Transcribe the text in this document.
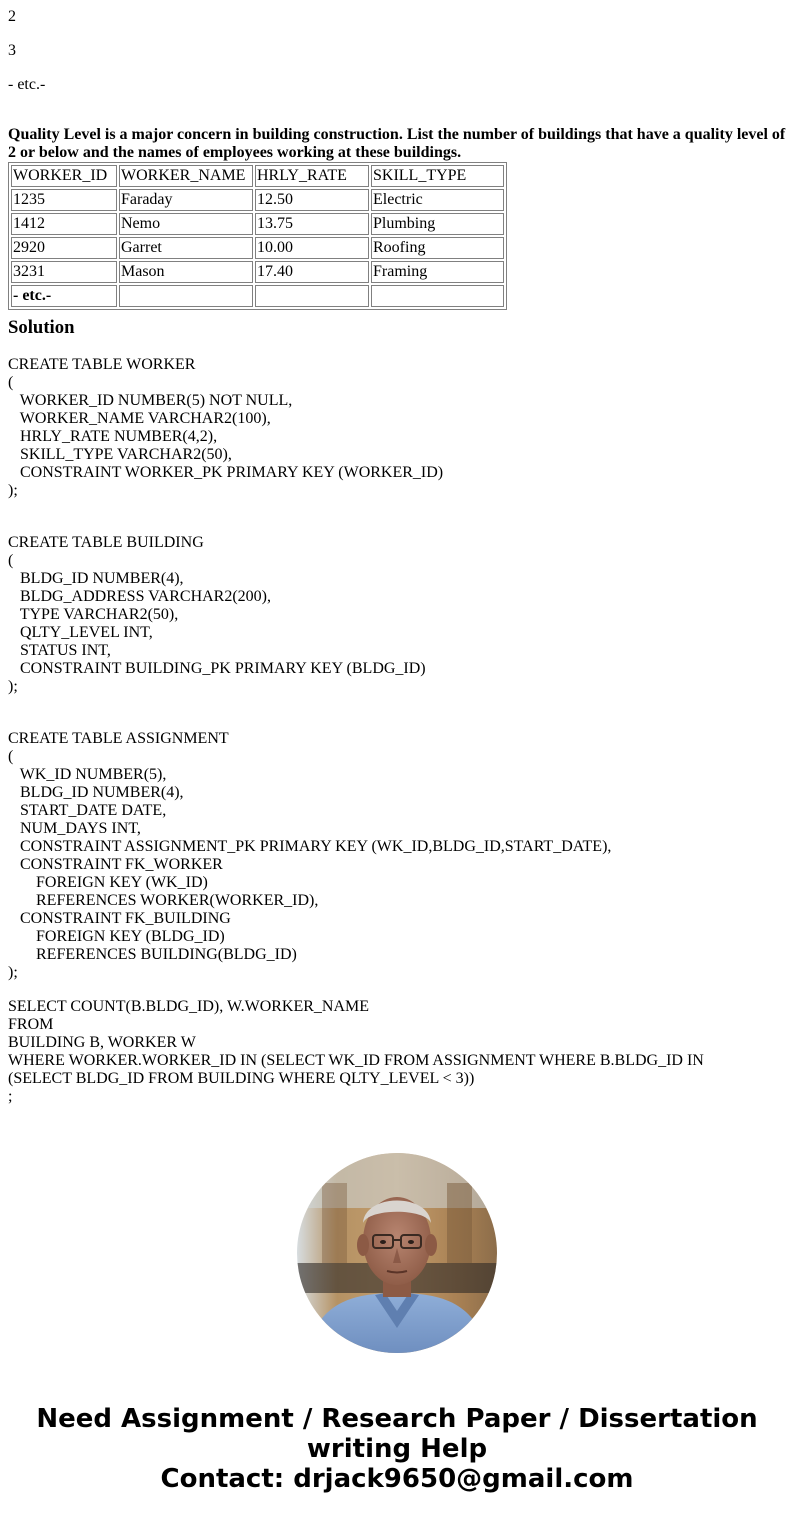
2
3
- etc.-

Quality Level is a major concern in building construction. List the number of buildings that have a quality level of 2 or below and the names of employees working at these buildings.

WORKER_ID	WORKER_NAME	HRLY_RATE	SKILL_TYPE
1235	Faraday	12.50	Electric
1412	Nemo	13.75	Plumbing
2920	Garret	10.00	Roofing
3231	Mason	17.40	Framing
- etc.-			
Solution
CREATE TABLE WORKER
(
WORKER_ID NUMBER(5) NOT NULL,
WORKER_NAME VARCHAR2(100),
HRLY_RATE NUMBER(4,2),
SKILL_TYPE VARCHAR2(50),
CONSTRAINT WORKER_PK PRIMARY KEY (WORKER_ID)
);
CREATE TABLE BUILDING
(
BLDG_ID NUMBER(4),
BLDG_ADDRESS VARCHAR2(200),
TYPE VARCHAR2(50),
QLTY_LEVEL INT,
STATUS INT,
CONSTRAINT BUILDING_PK PRIMARY KEY (BLDG_ID)
);
CREATE TABLE ASSIGNMENT
(
WK_ID NUMBER(5),
BLDG_ID NUMBER(4),
START_DATE DATE,
NUM_DAYS INT,
CONSTRAINT ASSIGNMENT_PK PRIMARY KEY (WK_ID,BLDG_ID,START_DATE),
CONSTRAINT FK_WORKER
FOREIGN KEY (WK_ID)
REFERENCES WORKER(WORKER_ID),
CONSTRAINT FK_BUILDING
FOREIGN KEY (BLDG_ID)
REFERENCES BUILDING(BLDG_ID)
);
SELECT COUNT(B.BLDG_ID), W.WORKER_NAME
FROM
BUILDING B, WORKER W
WHERE WORKER.WORKER_ID IN (SELECT WK_ID FROM ASSIGNMENT WHERE B.BLDG_ID IN
(SELECT BLDG_ID FROM BUILDING WHERE QLTY_LEVEL < 3))
;
Need Assignment / Research Paper / Dissertation
writing Help
Contact: drjack9650@gmail.com
